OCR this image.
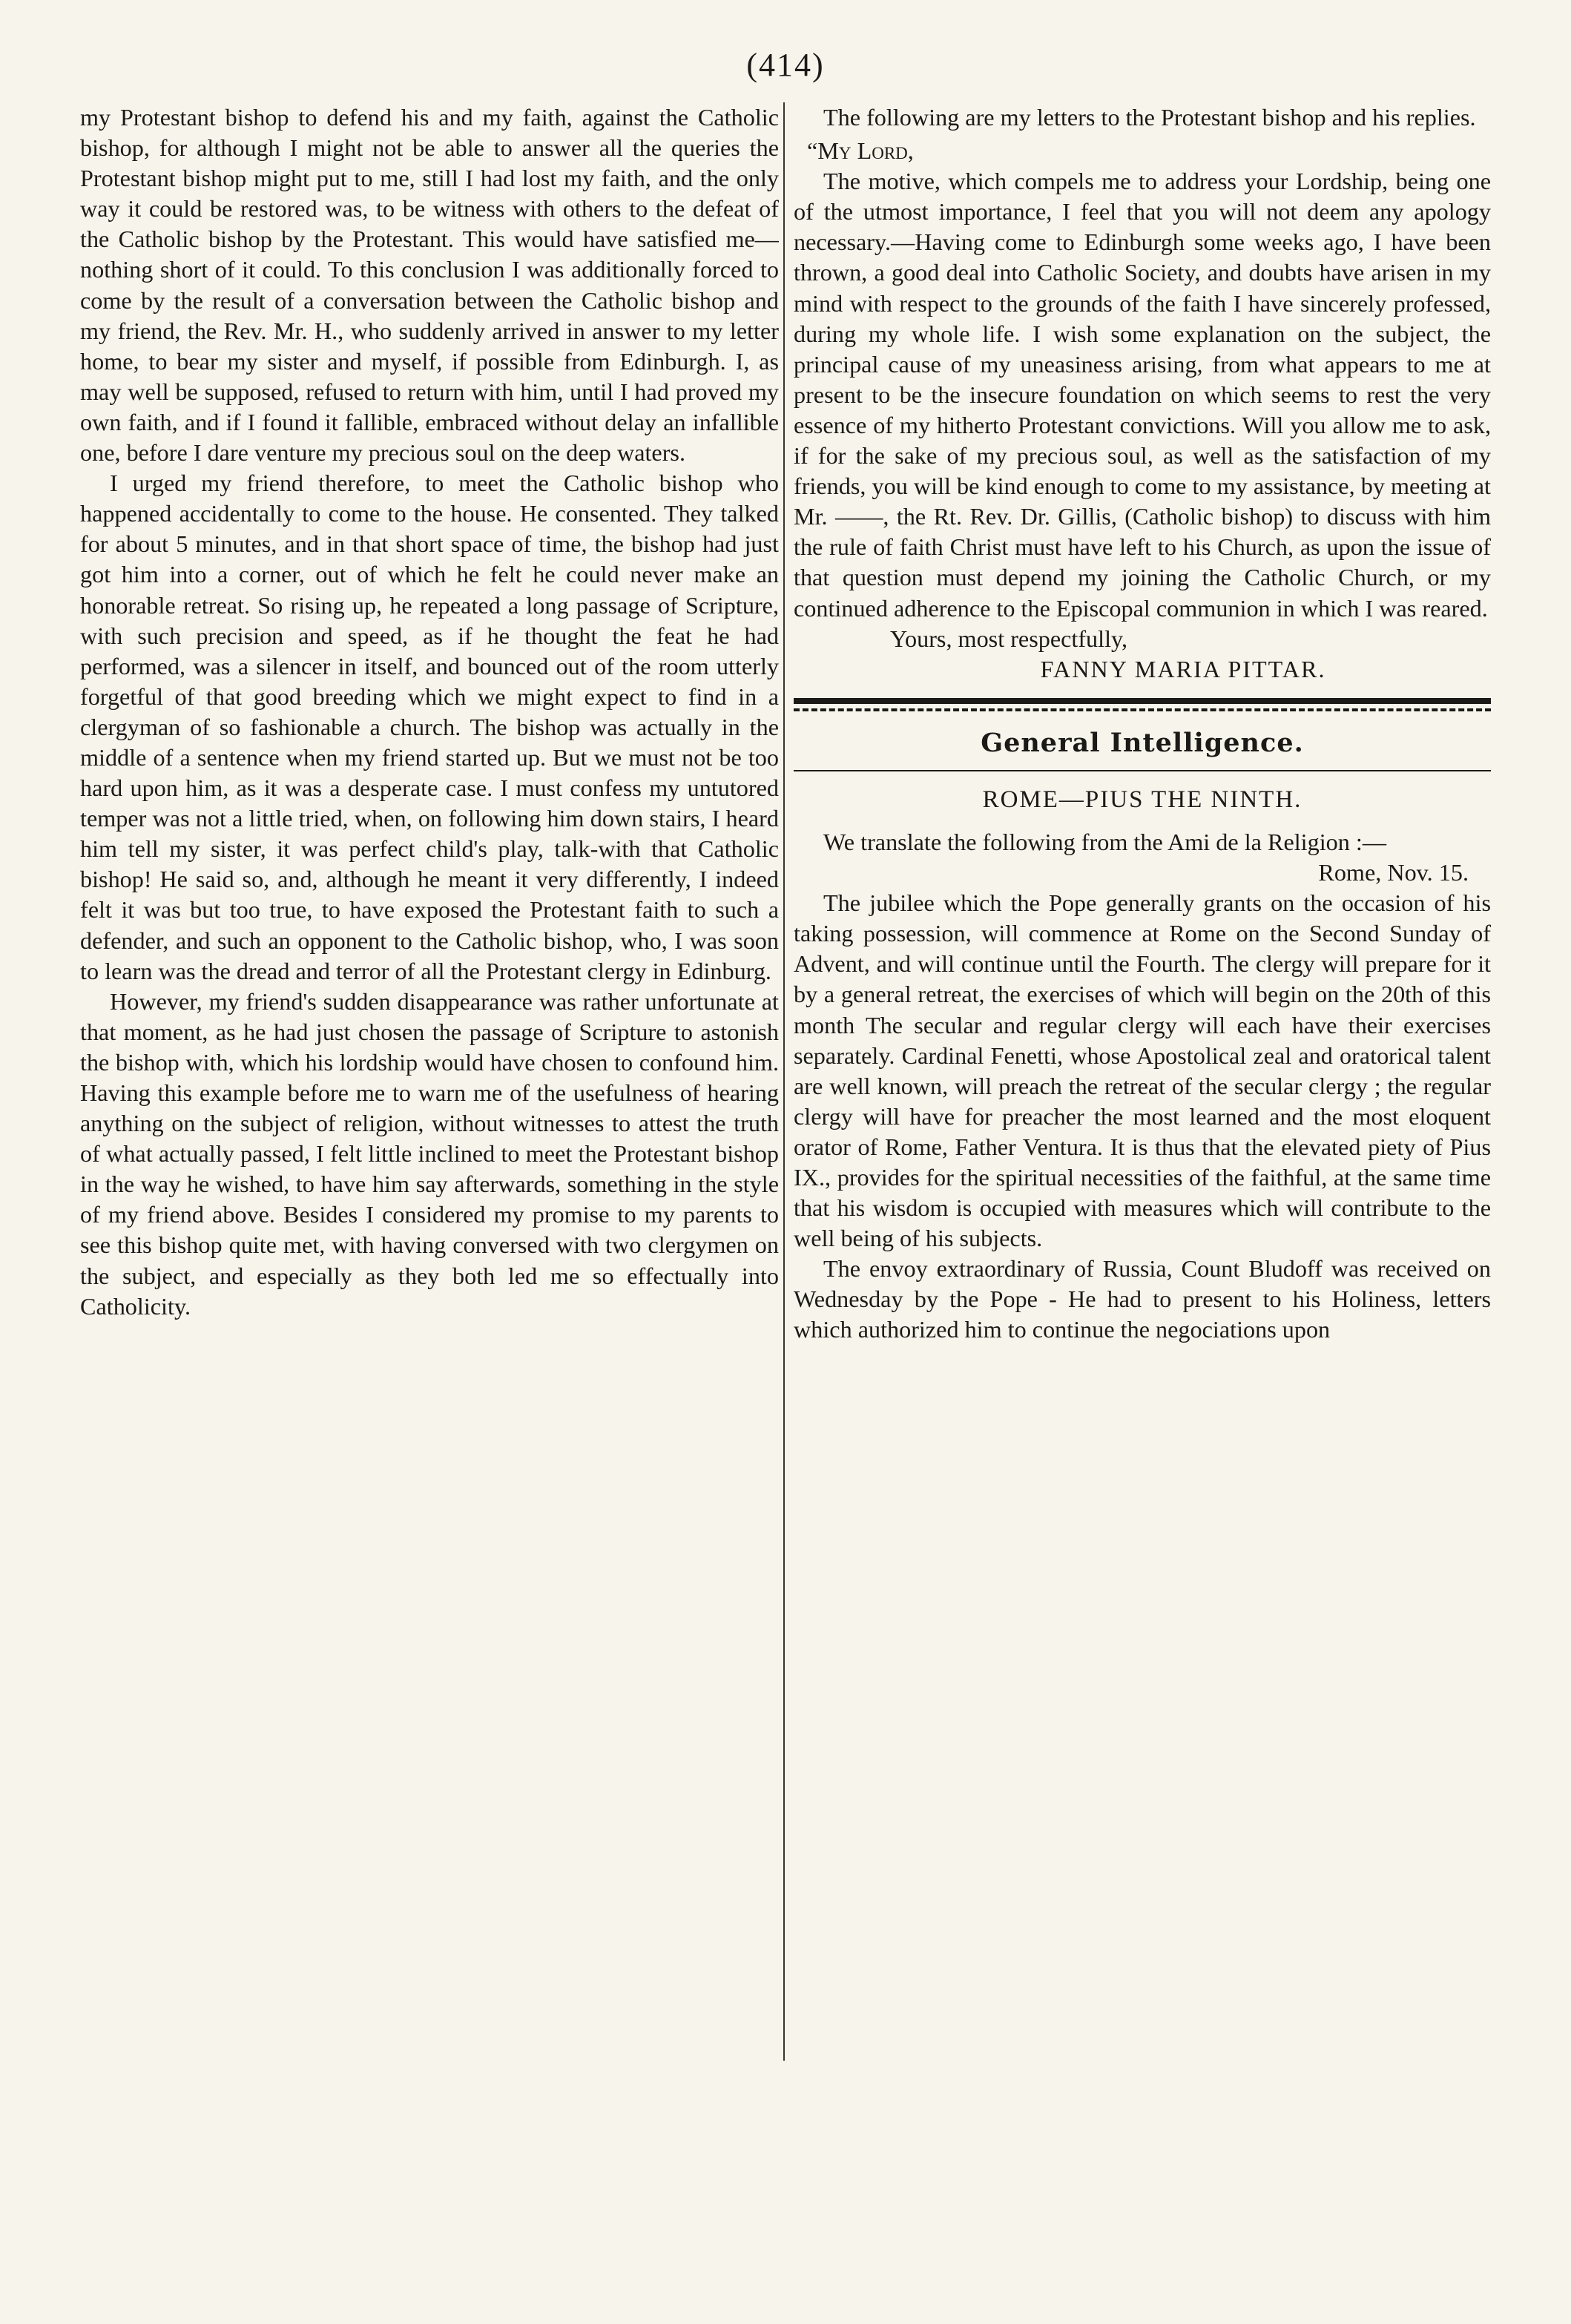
(414)

my Protestant bishop to defend his and my faith, against the Catholic bishop, for although I might not be able to answer all the queries the Protestant bishop might put to me, still I had lost my faith, and the only way it could be restored was, to be witness with others to the defeat of the Catholic bishop by the Protestant. This would have satisfied me—nothing short of it could. To this conclusion I was additionally forced to come by the result of a conversation between the Catholic bishop and my friend, the Rev. Mr. H., who suddenly arrived in answer to my letter home, to bear my sister and myself, if possible from Edinburgh. I, as may well be supposed, refused to return with him, until I had proved my own faith, and if I found it fallible, embraced without delay an infallible one, before I dare venture my precious soul on the deep waters.

I urged my friend therefore, to meet the Catholic bishop who happened accidentally to come to the house. He consented. They talked for about 5 minutes, and in that short space of time, the bishop had just got him into a corner, out of which he felt he could never make an honorable retreat. So rising up, he repeated a long passage of Scripture, with such precision and speed, as if he thought the feat he had performed, was a silencer in itself, and bounced out of the room utterly forgetful of that good breeding which we might expect to find in a clergyman of so fashionable a church. The bishop was actually in the middle of a sentence when my friend started up. But we must not be too hard upon him, as it was a desperate case. I must confess my untutored temper was not a little tried, when, on following him down stairs, I heard him tell my sister, it was perfect child's play, talk-with that Catholic bishop! He said so, and, although he meant it very differently, I indeed felt it was but too true, to have exposed the Protestant faith to such a defender, and such an opponent to the Catholic bishop, who, I was soon to learn was the dread and terror of all the Protestant clergy in Edinburg.

However, my friend's sudden disappearance was rather unfortunate at that moment, as he had just chosen the passage of Scripture to astonish the bishop with, which his lordship would have chosen to confound him. Having this example before me to warn me of the usefulness of hearing anything on the subject of religion, without witnesses to attest the truth of what actually passed, I felt little inclined to meet the Protestant bishop in the way he wished, to have him say afterwards, something in the style of my friend above. Besides I considered my promise to my parents to see this bishop quite met, with having conversed with two clergymen on the subject, and especially as they both led me so effectually into Catholicity.

The following are my letters to the Protestant bishop and his replies.

“My Lord,

The motive, which compels me to address your Lordship, being one of the utmost importance, I feel that you will not deem any apology necessary.—Having come to Edinburgh some weeks ago, I have been thrown, a good deal into Catholic Society, and doubts have arisen in my mind with respect to the grounds of the faith I have sincerely professed, during my whole life. I wish some explanation on the subject, the principal cause of my uneasiness arising, from what appears to me at present to be the insecure foundation on which seems to rest the very essence of my hitherto Protestant convictions. Will you allow me to ask, if for the sake of my precious soul, as well as the satisfaction of my friends, you will be kind enough to come to my assistance, by meeting at Mr. ——, the Rt. Rev. Dr. Gillis, (Catholic bishop) to discuss with him the rule of faith Christ must have left to his Church, as upon the issue of that question must depend my joining the Catholic Church, or my continued adherence to the Episcopal communion in which I was reared.

Yours, most respectfully,

FANNY MARIA PITTAR.

General Intelligence.

ROME—PIUS THE NINTH.

We translate the following from the Ami de la Religion :—

Rome, Nov. 15.

The jubilee which the Pope generally grants on the occasion of his taking possession, will commence at Rome on the Second Sunday of Advent, and will continue until the Fourth. The clergy will prepare for it by a general retreat, the exercises of which will begin on the 20th of this month The secular and regular clergy will each have their exercises separately. Cardinal Fenetti, whose Apostolical zeal and oratorical talent are well known, will preach the retreat of the secular clergy ; the regular clergy will have for preacher the most learned and the most eloquent orator of Rome, Father Ventura. It is thus that the elevated piety of Pius IX., provides for the spiritual necessities of the faithful, at the same time that his wisdom is occupied with measures which will contribute to the well being of his subjects.

The envoy extraordinary of Russia, Count Bludoff was received on Wednesday by the Pope - He had to present to his Holiness, letters which authorized him to continue the negociations upon
